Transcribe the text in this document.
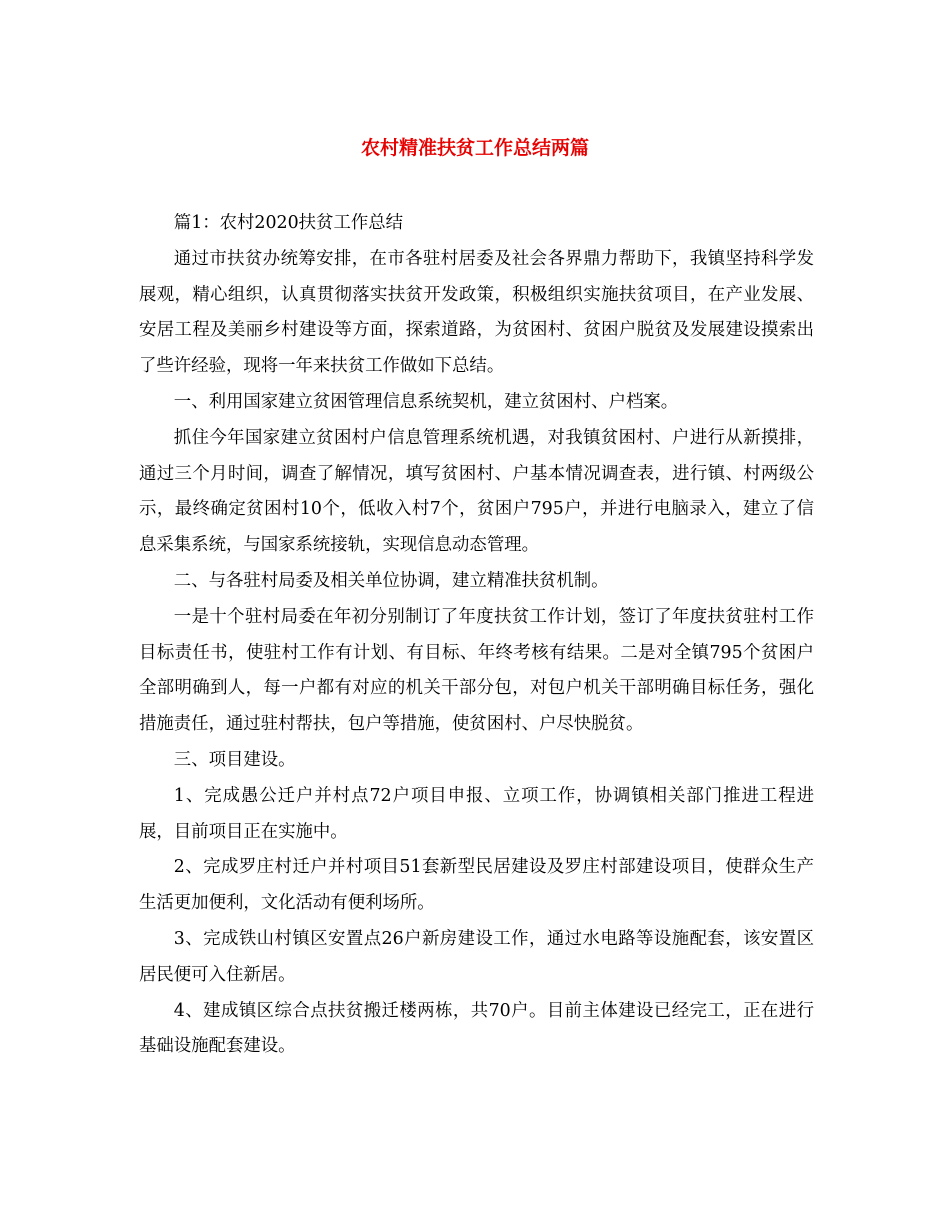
农村精准扶贫工作总结两篇

篇1：农村2020扶贫工作总结

通过市扶贫办统筹安排，在市各驻村居委及社会各界鼎力帮助下，我镇坚持科学发展观，精心组织，认真贯彻落实扶贫开发政策，积极组织实施扶贫项目，在产业发展、安居工程及美丽乡村建设等方面，探索道路，为贫困村、贫困户脱贫及发展建设摸索出了些许经验，现将一年来扶贫工作做如下总结。

一、利用国家建立贫困管理信息系统契机，建立贫困村、户档案。

抓住今年国家建立贫困村户信息管理系统机遇，对我镇贫困村、户进行从新摸排，通过三个月时间，调查了解情况，填写贫困村、户基本情况调查表，进行镇、村两级公示，最终确定贫困村10个，低收入村7个，贫困户795户，并进行电脑录入，建立了信息采集系统，与国家系统接轨，实现信息动态管理。

二、与各驻村局委及相关单位协调，建立精准扶贫机制。

一是十个驻村局委在年初分别制订了年度扶贫工作计划，签订了年度扶贫驻村工作目标责任书，使驻村工作有计划、有目标、年终考核有结果。二是对全镇795个贫困户全部明确到人，每一户都有对应的机关干部分包，对包户机关干部明确目标任务，强化措施责任，通过驻村帮扶，包户等措施，使贫困村、户尽快脱贫。

三、项目建设。

1、完成愚公迁户并村点72户项目申报、立项工作，协调镇相关部门推进工程进展，目前项目正在实施中。

2、完成罗庄村迁户并村项目51套新型民居建设及罗庄村部建设项目，使群众生产生活更加便利，文化活动有便利场所。

3、完成铁山村镇区安置点26户新房建设工作，通过水电路等设施配套，该安置区居民便可入住新居。

4、建成镇区综合点扶贫搬迁楼两栋，共70户。目前主体建设已经完工，正在进行基础设施配套建设。
